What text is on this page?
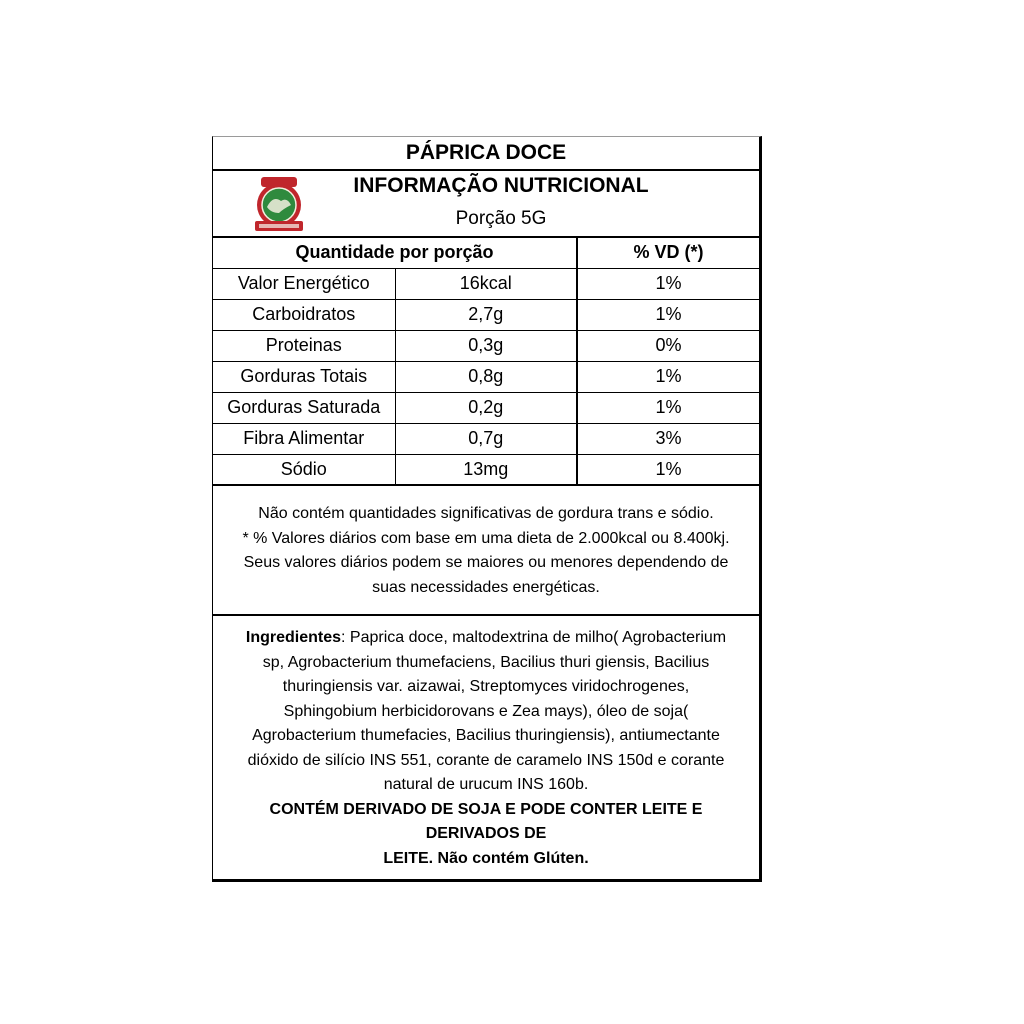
PÁPRICA DOCE
INFORMAÇÃO NUTRICIONAL
Porção 5G
Quantidade por porção		% VD (*)
Valor Energético	16kcal	1%
Carboidratos	2,7g	1%
Proteinas	0,3g	0%
Gorduras Totais	0,8g	1%
Gorduras Saturada	0,2g	1%
Fibra Alimentar	0,7g	3%
Sódio	13mg	1%
Não contém quantidades significativas de gordura trans e sódio.
* % Valores diários com base em uma dieta de 2.000kcal ou 8.400kj.
Seus valores diários podem se maiores ou menores dependendo de
suas necessidades energéticas.
Ingredientes: Paprica doce, maltodextrina de milho( Agrobacterium
sp, Agrobacterium thumefaciens, Bacilius thuri giensis, Bacilius
thuringiensis var. aizawai, Streptomyces viridochrogenes,
Sphingobium herbicidorovans e Zea mays), óleo de soja(
Agrobacterium thumefacies, Bacilius thuringiensis), antiumectante
dióxido de silício INS 551, corante de caramelo INS 150d e corante
natural de urucum INS 160b.
CONTÉM DERIVADO DE SOJA E PODE CONTER LEITE E DERIVADOS DE
LEITE. Não contém Glúten.
